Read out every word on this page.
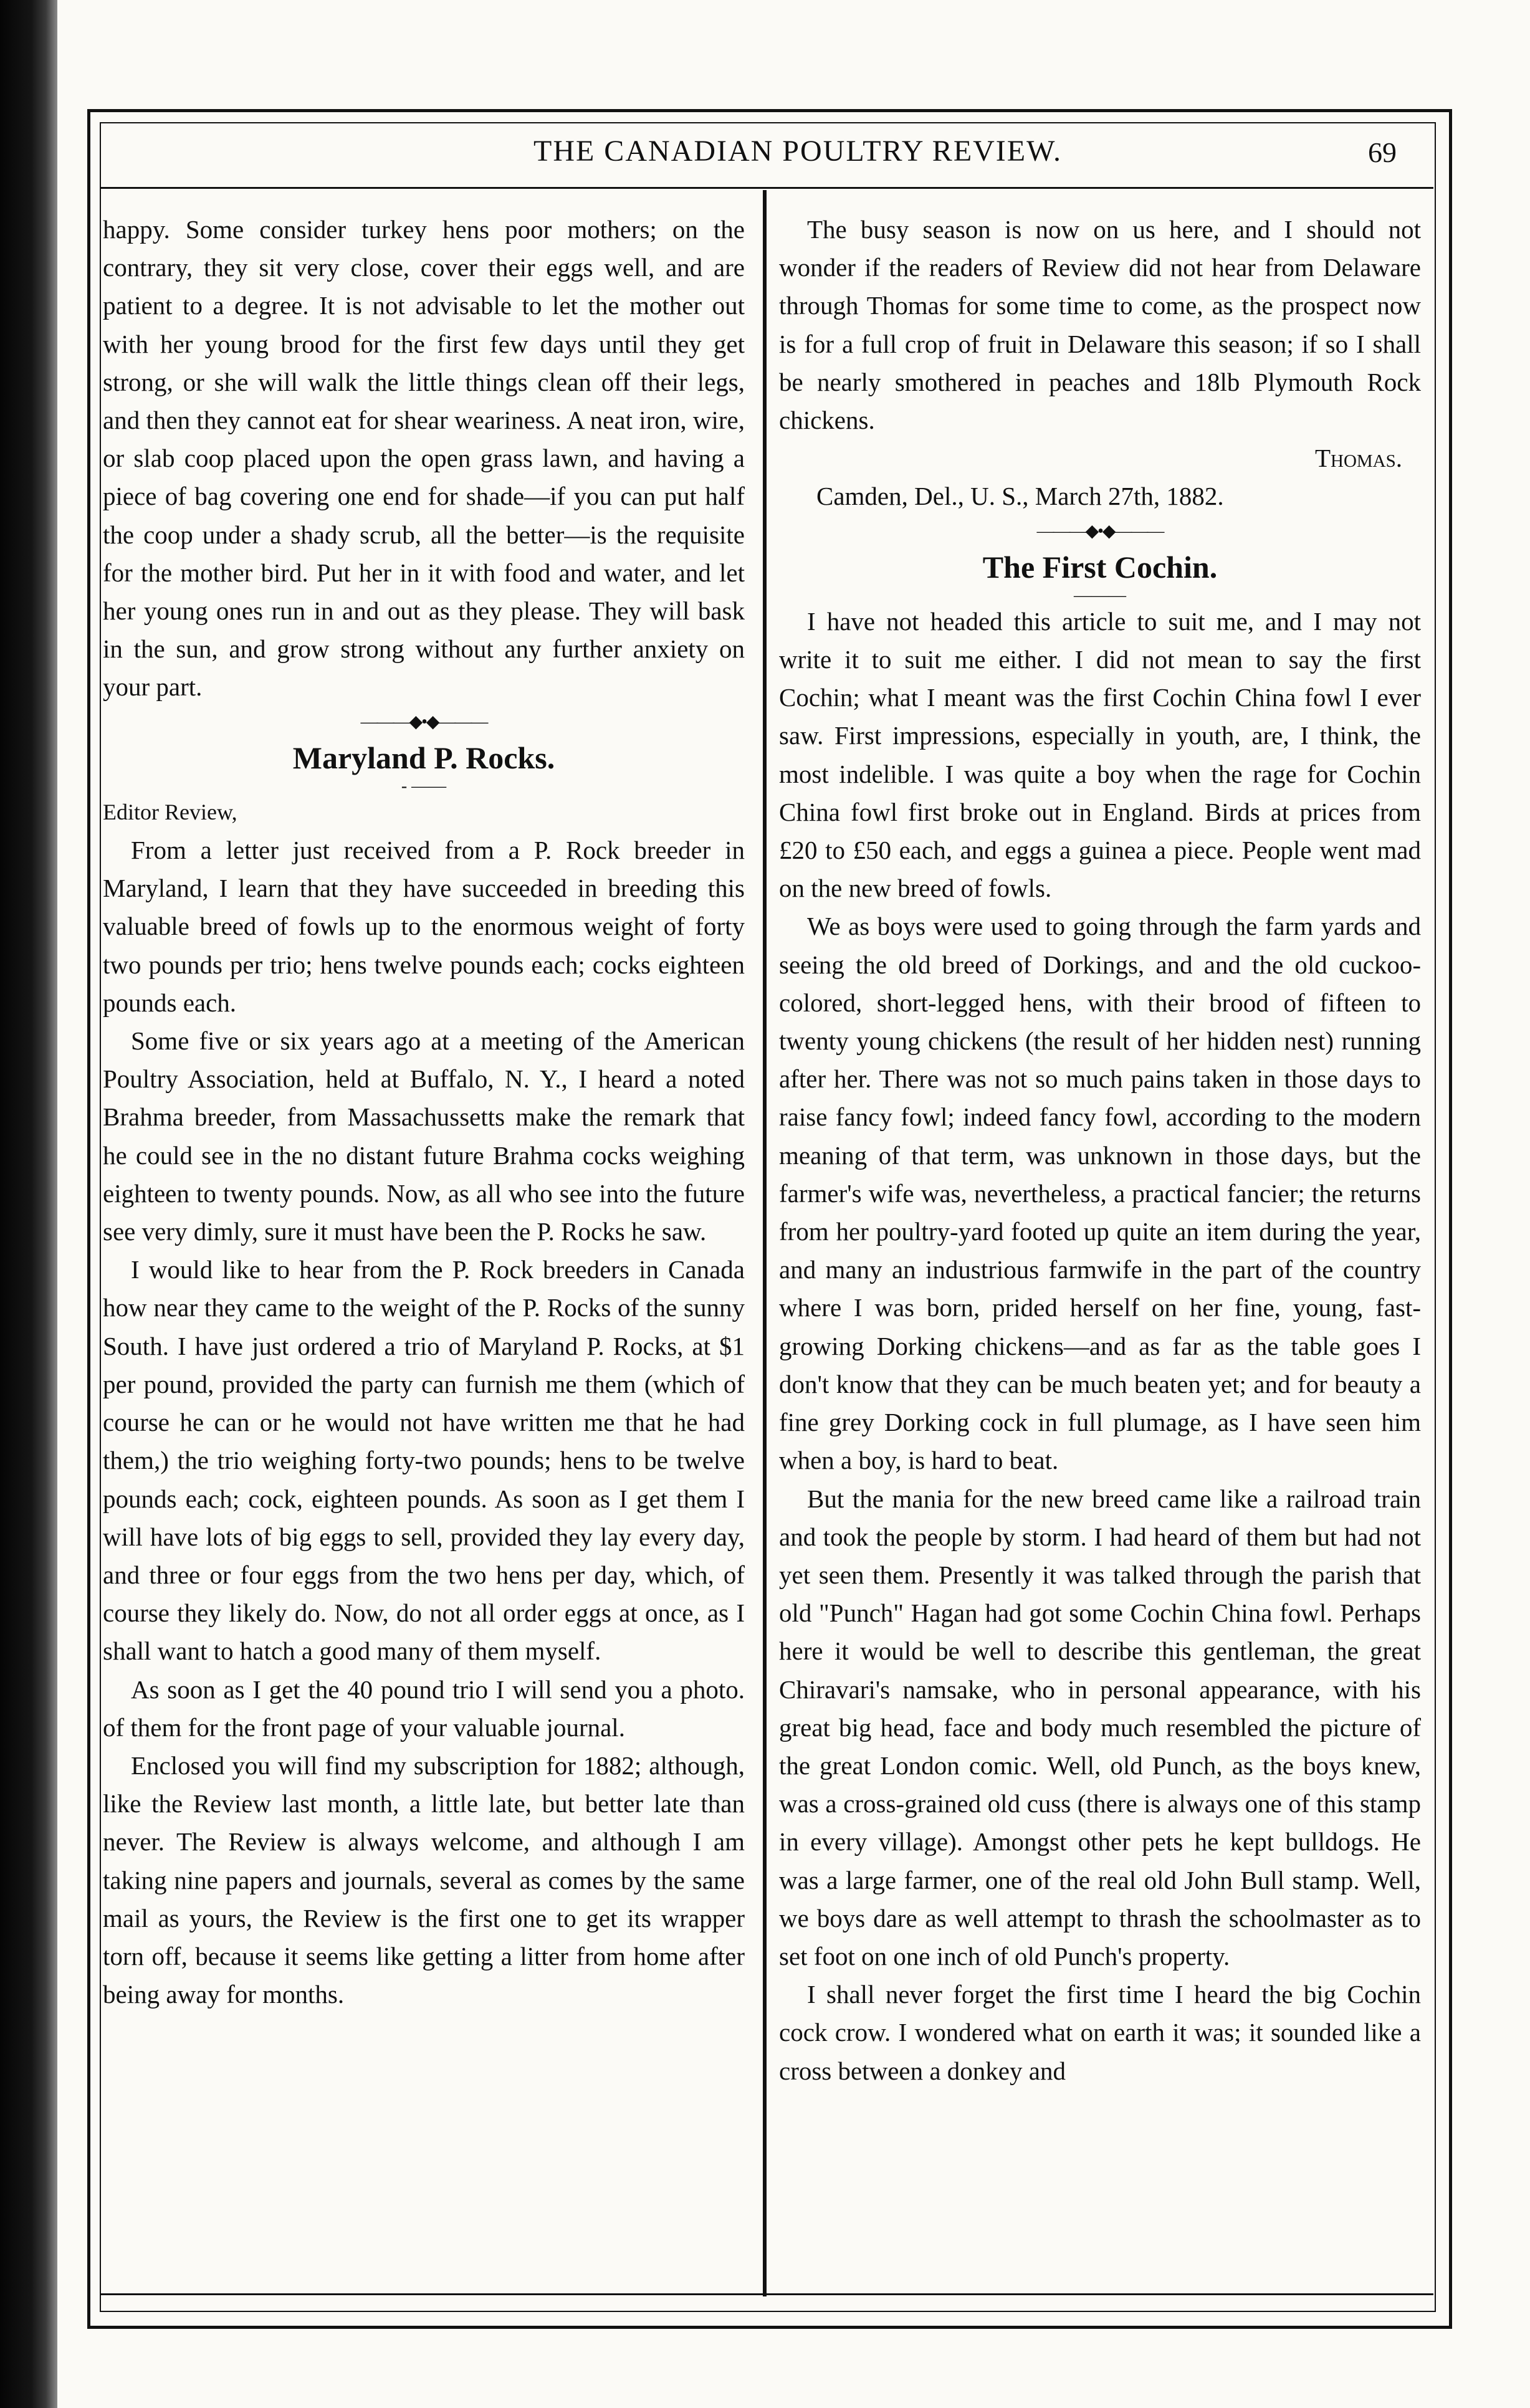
THE CANADIAN POULTRY REVIEW.	69

happy. Some consider turkey hens poor mothers; on the contrary, they sit very close, cover their eggs well, and are patient to a degree. It is not advisable to let the mother out with her young brood for the first few days until they get strong, or she will walk the little things clean off their legs, and then they cannot eat for shear weariness. A neat iron, wire, or slab coop placed upon the open grass lawn, and having a piece of bag covering one end for shade—if you can put half the coop under a shady scrub, all the better—is the requisite for the mother bird. Put her in it with food and water, and let her young ones run in and out as they please. They will bask in the sun, and grow strong without any further anxiety on your part.

———◆•◆———
Maryland P. Rocks.
- ——

Editor Review,

From a letter just received from a P. Rock breeder in Maryland, I learn that they have succeeded in breeding this valuable breed of fowls up to the enormous weight of forty two pounds per trio; hens twelve pounds each; cocks eighteen pounds each.

Some five or six years ago at a meeting of the American Poultry Association, held at Buffalo, N. Y., I heard a noted Brahma breeder, from Massachussetts make the remark that he could see in the no distant future Brahma cocks weighing eighteen to twenty pounds. Now, as all who see into the future see very dimly, sure it must have been the P. Rocks he saw.

I would like to hear from the P. Rock breeders in Canada how near they came to the weight of the P. Rocks of the sunny South. I have just ordered a trio of Maryland P. Rocks, at $1 per pound, provided the party can furnish me them (which of course he can or he would not have written me that he had them,) the trio weighing forty-two pounds; hens to be twelve pounds each; cock, eighteen pounds. As soon as I get them I will have lots of big eggs to sell, provided they lay every day, and three or four eggs from the two hens per day, which, of course they likely do. Now, do not all order eggs at once, as I shall want to hatch a good many of them myself.

As soon as I get the 40 pound trio I will send you a photo. of them for the front page of your valuable journal.

Enclosed you will find my subscription for 1882; although, like the Review last month, a little late, but better late than never. The Review is always welcome, and although I am taking nine papers and journals, several as comes by the same mail as yours, the Review is the first one to get its wrapper torn off, because it seems like getting a litter from home after being away for months.

The busy season is now on us here, and I should not wonder if the readers of Review did not hear from Delaware through Thomas for some time to come, as the prospect now is for a full crop of fruit in Delaware this season; if so I shall be nearly smothered in peaches and 18lb Plymouth Rock chickens.

Thomas.

Camden, Del., U. S., March 27th, 1882.

———◆•◆———
The First Cochin.
———

I have not headed this article to suit me, and I may not write it to suit me either. I did not mean to say the first Cochin; what I meant was the first Cochin China fowl I ever saw. First impressions, especially in youth, are, I think, the most indelible. I was quite a boy when the rage for Cochin China fowl first broke out in England. Birds at prices from £20 to £50 each, and eggs a guinea a piece. People went mad on the new breed of fowls.

We as boys were used to going through the farm yards and seeing the old breed of Dorkings, and and the old cuckoo-colored, short-legged hens, with their brood of fifteen to twenty young chickens (the result of her hidden nest) running after her. There was not so much pains taken in those days to raise fancy fowl; indeed fancy fowl, according to the modern meaning of that term, was unknown in those days, but the farmer's wife was, nevertheless, a practical fancier; the returns from her poultry-yard footed up quite an item during the year, and many an industrious farmwife in the part of the country where I was born, prided herself on her fine, young, fast-growing Dorking chickens—and as far as the table goes I don't know that they can be much beaten yet; and for beauty a fine grey Dorking cock in full plumage, as I have seen him when a boy, is hard to beat.

But the mania for the new breed came like a railroad train and took the people by storm. I had heard of them but had not yet seen them. Presently it was talked through the parish that old "Punch" Hagan had got some Cochin China fowl. Perhaps here it would be well to describe this gentleman, the great Chiravari's namsake, who in personal appearance, with his great big head, face and body much resembled the picture of the great London comic. Well, old Punch, as the boys knew, was a cross-grained old cuss (there is always one of this stamp in every village). Amongst other pets he kept bulldogs. He was a large farmer, one of the real old John Bull stamp. Well, we boys dare as well attempt to thrash the schoolmaster as to set foot on one inch of old Punch's property.

I shall never forget the first time I heard the big Cochin cock crow. I wondered what on earth it was; it sounded like a cross between a donkey and
